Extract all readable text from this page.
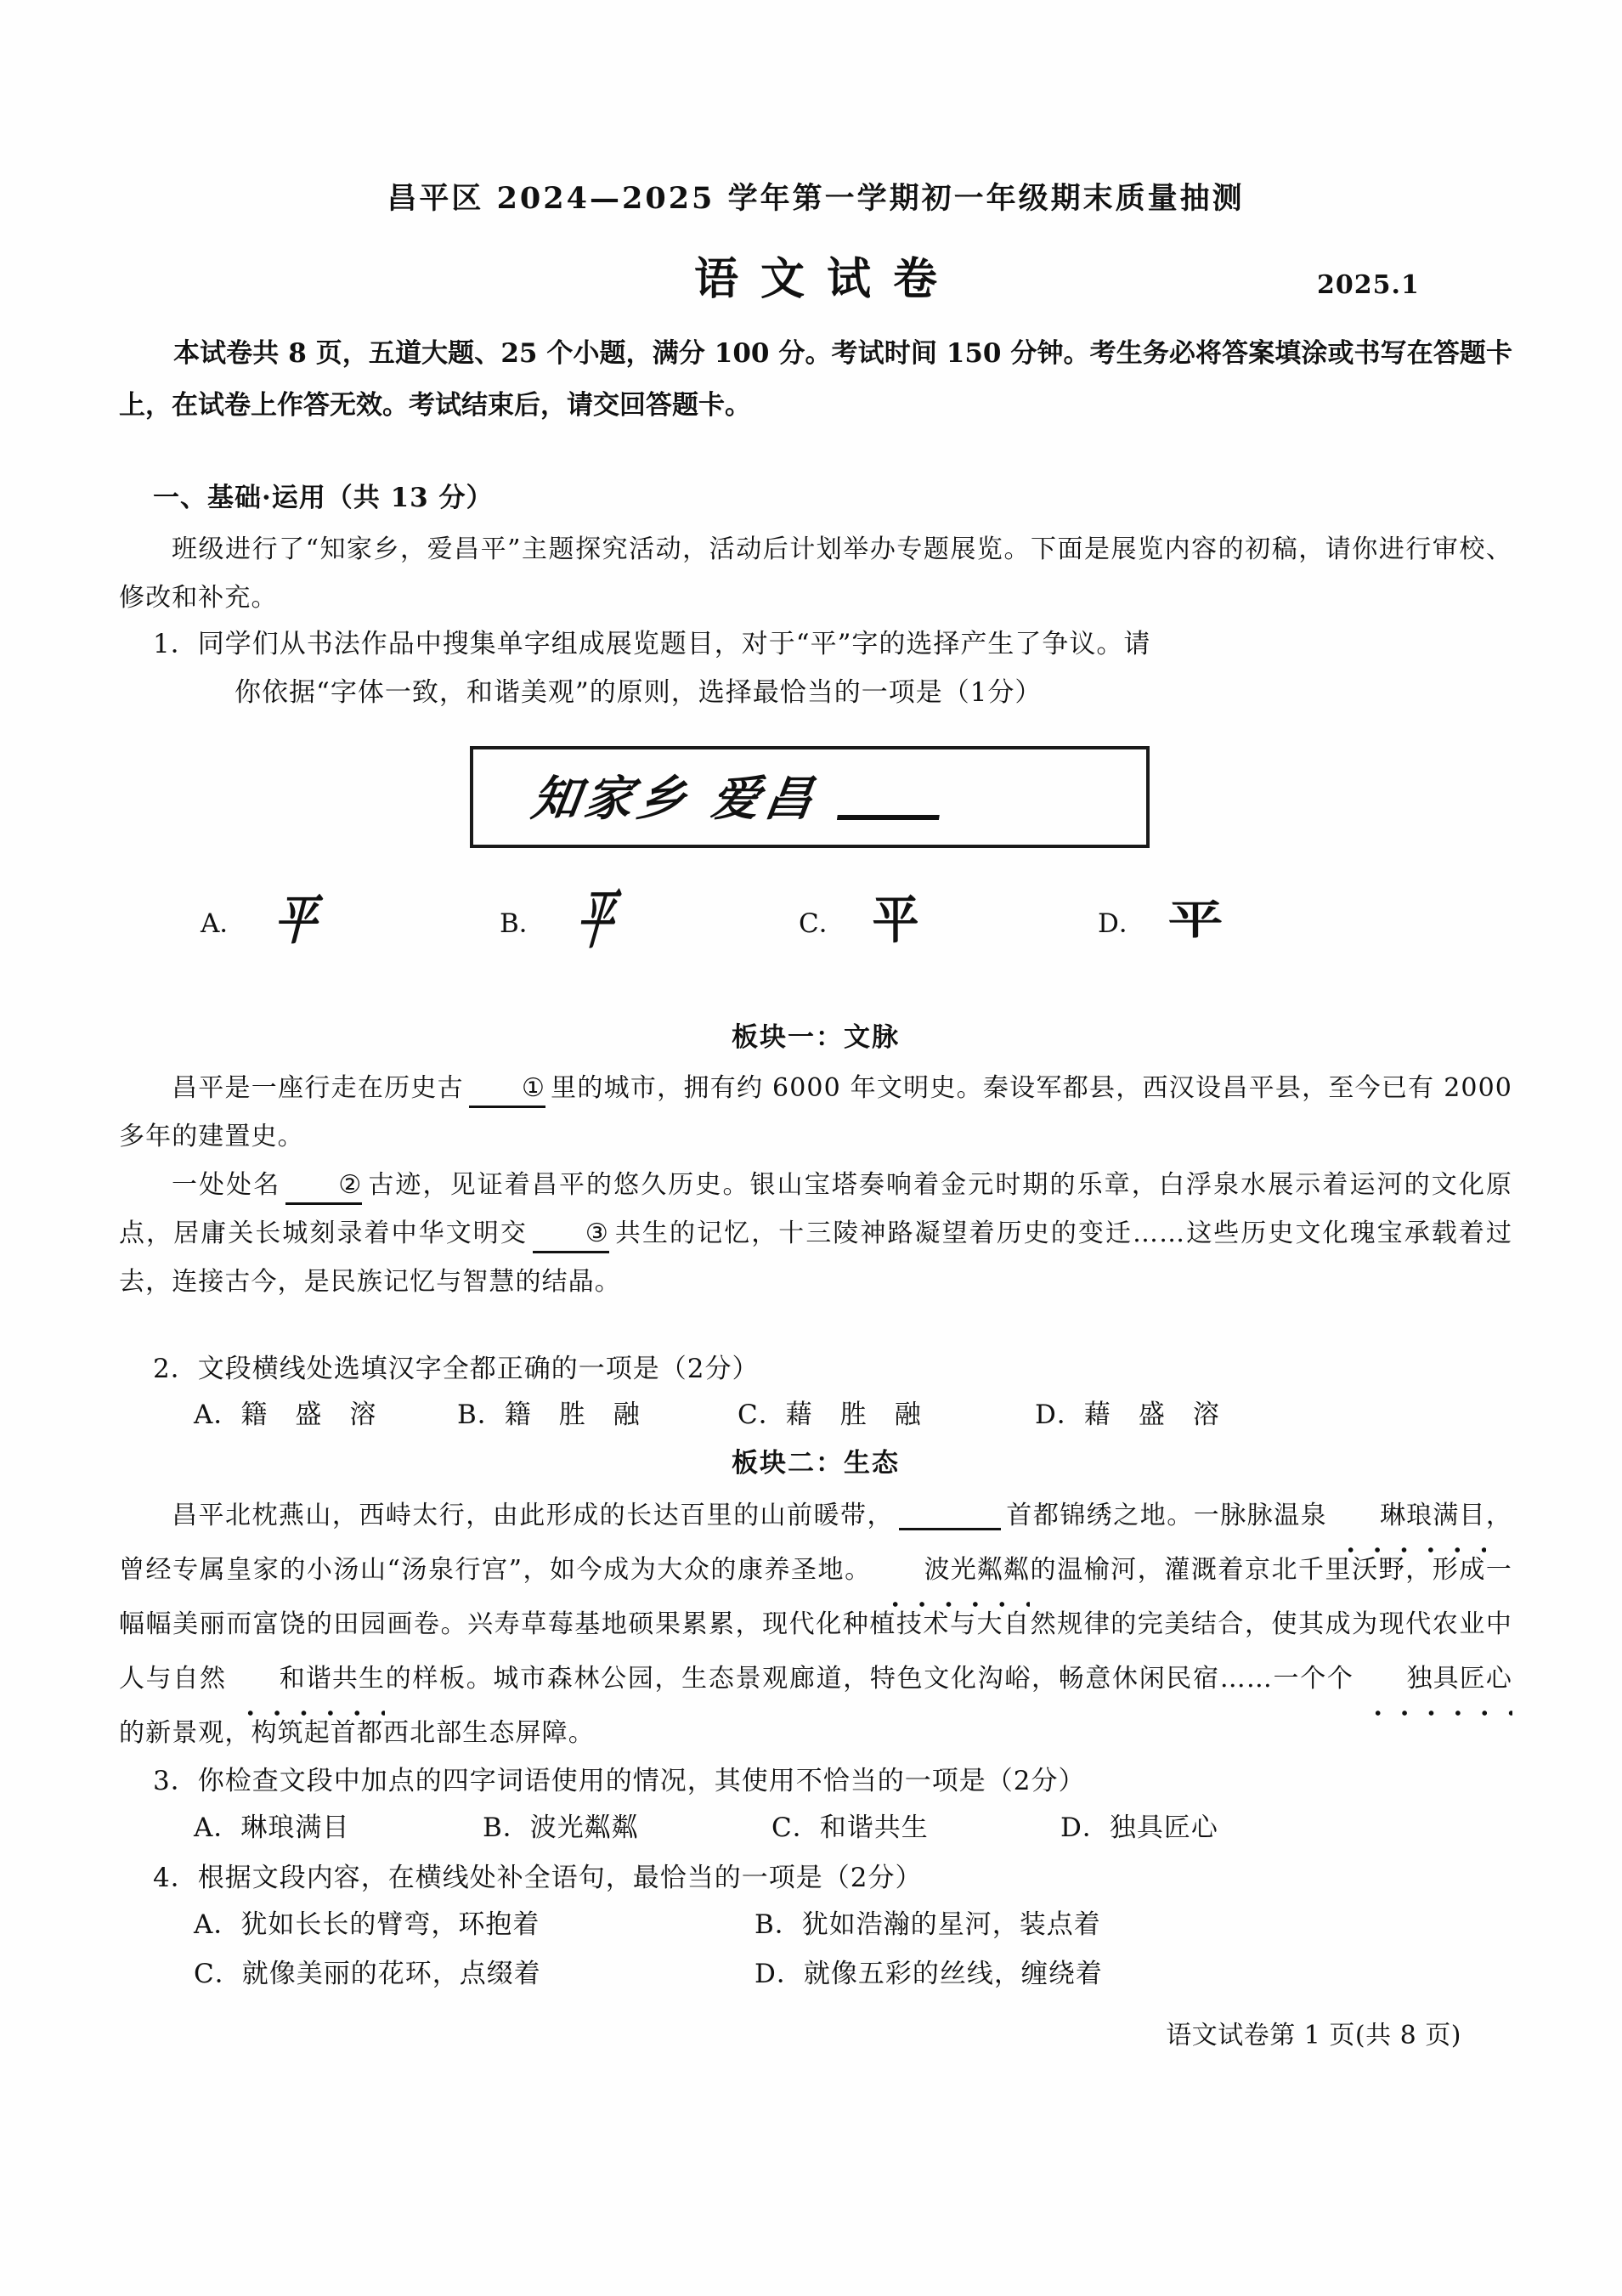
昌平区 2024—2025 学年第一学期初一年级期末质量抽测
语文试卷	2025.1
本试卷共 8 页，五道大题、25 个小题，满分 100 分。考试时间 150 分钟。考生务必将答案填涂或书写在答题卡上，在试卷上作答无效。考试结束后，请交回答题卡。
一、基础·运用（共 13 分）
班级进行了“知家乡，爱昌平”主题探究活动，活动后计划举办专题展览。下面是展览内容的初稿，请你进行审校、修改和补充。
1．同学们从书法作品中搜集单字组成展览题目，对于“平”字的选择产生了争议。请
你依据“字体一致，和谐美观”的原则，选择最恰当的一项是（1分）
知家乡 爱昌
A． 平	B． 平	C． 平	D． 平
板块一：文脉
昌平是一座行走在历史古 ① 里的城市，拥有约 6000 年文明史。秦设军都县，西汉设昌平县，至今已有 2000 多年的建置史。
一处处名 ② 古迹，见证着昌平的悠久历史。银山宝塔奏响着金元时期的乐章，白浮泉水展示着运河的文化原点，居庸关长城刻录着中华文明交 ③ 共生的记忆，十三陵神路凝望着历史的变迁……这些历史文化瑰宝承载着过去，连接古今，是民族记忆与智慧的结晶。
2．文段横线处选填汉字全都正确的一项是（2分）
A．籍　盛　溶	B．籍　胜　融	C．藉　胜　融	D．藉　盛　溶
板块二：生态
昌平北枕燕山，西峙太行，由此形成的长达百里的山前暖带，	首都锦绣之地。一脉脉温泉 琳琅满目，曾经专属皇家的小汤山“汤泉行宫”，如今成为大众的康养圣地。 波光粼粼的温榆河，灌溉着京北千里沃野，形成一幅幅美丽而富饶的田园画卷。兴寿草莓基地硕果累累，现代化种植技术与大自然规律的完美结合，使其成为现代农业中人与自然 和谐共生的样板。城市森林公园，生态景观廊道，特色文化沟峪，畅意休闲民宿……一个个 独具匠心的新景观，构筑起首都西北部生态屏障。
3．你检查文段中加点的四字词语使用的情况，其使用不恰当的一项是（2分）
A．琳琅满目	B．波光粼粼	C．和谐共生	D．独具匠心
4．根据文段内容，在横线处补全语句，最恰当的一项是（2分）
A．犹如长长的臂弯，环抱着	B．犹如浩瀚的星河，装点着
C．就像美丽的花环，点缀着	D．就像五彩的丝线，缠绕着
语文试卷第 1 页(共 8 页)
